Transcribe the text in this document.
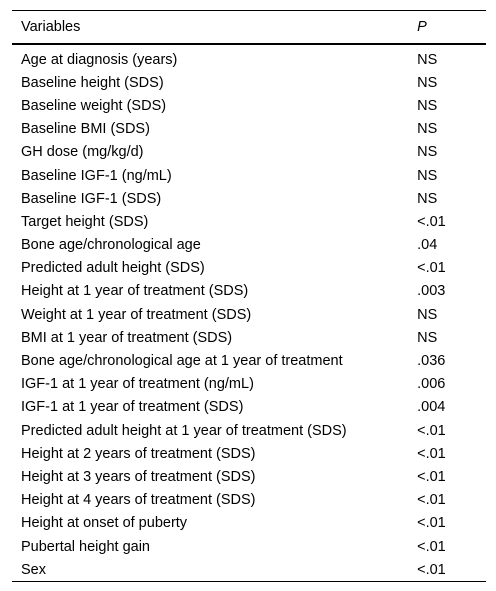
Variables	P
Age at diagnosis (years)	NS
Baseline height (SDS)	NS
Baseline weight (SDS)	NS
Baseline BMI (SDS)	NS
GH dose (mg/kg/d)	NS
Baseline IGF-1 (ng/mL)	NS
Baseline IGF-1 (SDS)	NS
Target height (SDS)	<.01
Bone age/chronological age	.04
Predicted adult height (SDS)	<.01
Height at 1 year of treatment (SDS)	.003
Weight at 1 year of treatment (SDS)	NS
BMI at 1 year of treatment (SDS)	NS
Bone age/chronological age at 1 year of treatment	.036
IGF-1 at 1 year of treatment (ng/mL)	.006
IGF-1 at 1 year of treatment (SDS)	.004
Predicted adult height at 1 year of treatment (SDS)	<.01
Height at 2 years of treatment (SDS)	<.01
Height at 3 years of treatment (SDS)	<.01
Height at 4 years of treatment (SDS)	<.01
Height at onset of puberty	<.01
Pubertal height gain	<.01
Sex	<.01
